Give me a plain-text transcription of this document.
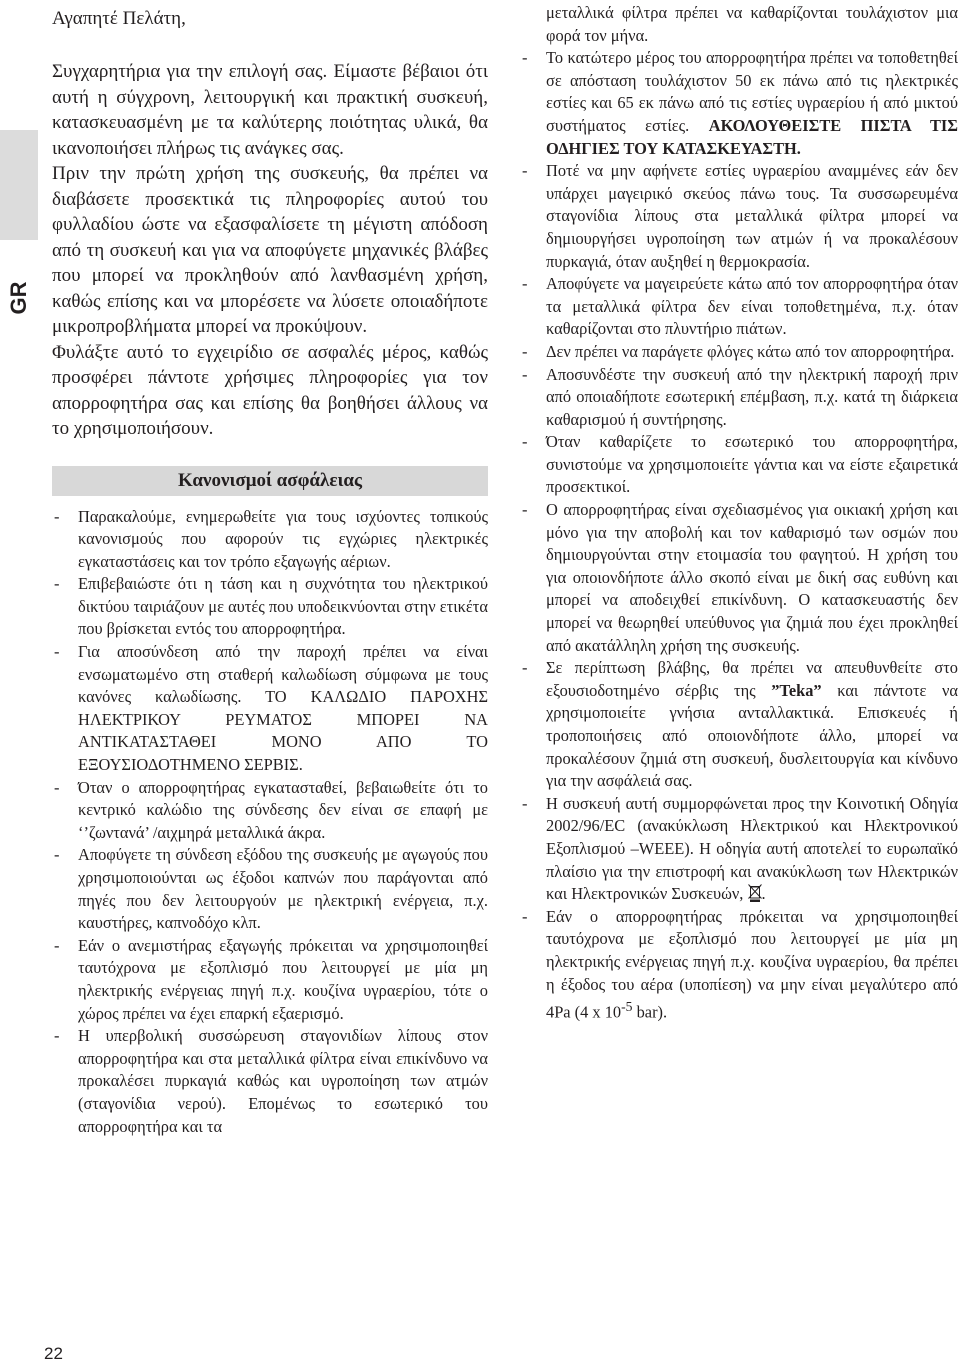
GR
Αγαπητέ Πελάτη,

Συγχαρητήρια για την επιλογή σας. Είμαστε βέβαιοι ότι αυτή η σύγχρονη, λειτουργική και πρακτική συσκευή, κατασκευασμένη με τα καλύτερης ποιότητας υλικά, θα ικανοποιήσει πλήρως τις ανάγκες σας.

Πριν την πρώτη χρήση της συσκευής, θα πρέπει να διαβάσετε προσεκτικά τις πληροφορίες αυτού του φυλλαδίου ώστε να εξασφαλίσετε τη μέγιστη απόδοση από τη συσκευή και για να αποφύγετε μηχανικές βλάβες που μπορεί να προκληθούν από λανθασμένη χρήση, καθώς επίσης και να μπορέσετε να λύσετε οποιαδήποτε μικροπροβλήματα μπορεί να προκύψουν.

Φυλάξτε αυτό το εγχειρίδιο σε ασφαλές μέρος, καθώς προσφέρει πάντοτε χρήσιμες πληροφορίες για τον απορροφητήρα σας και επίσης θα βοηθήσει άλλους να το χρησιμοποιήσουν.

Κανονισμοί ασφάλειας
- Παρακαλούμε, ενημερωθείτε για τους ισχύοντες τοπικούς κανονισμούς που αφορούν τις εγχώριες ηλεκτρικές εγκαταστάσεις και τον τρόπο εξαγωγής αέριων.
- Επιβεβαιώστε ότι η τάση και η συχνότητα του ηλεκτρικού δικτύου ταιριάζουν με αυτές που υποδεικνύονται στην ετικέτα που βρίσκεται εντός του απορροφητήρα.
- Για αποσύνδεση από την παροχή πρέπει να είναι ενσωματωμένο στη σταθερή καλωδίωση σύμφωνα με τους κανόνες καλωδίωσης. ΤΟ ΚΑΛΩΔΙΟ ΠΑΡΟΧΗΣ ΗΛΕΚΤΡΙΚΟΥ ΡΕΥΜΑΤΟΣ ΜΠΟΡΕΙ ΝΑ ΑΝΤΙΚΑΤΑΣΤΑΘΕΙ ΜΟΝΟ ΑΠΟ ΤΟ ΕΞΟΥΣΙΟΔΟΤΗΜΕΝΟ ΣΕΡΒΙΣ.
- Όταν ο απορροφητήρας εγκατασταθεί, βεβαιωθείτε ότι το κεντρικό καλώδιο της σύνδεσης δεν είναι σε επαφή με ‘’ζωντανά’ /αιχμηρά μεταλλικά άκρα.
- Αποφύγετε τη σύνδεση εξόδου της συσκευής με αγωγούς που χρησιμοποιούνται ως έξοδοι καπνών που παράγονται από πηγές που δεν λειτουργούν με ηλεκτρική ενέργεια, π.χ. καυστήρες, καπνοδόχο κλπ.
- Εάν ο ανεμιστήρας εξαγωγής πρόκειται να χρησιμοποιηθεί ταυτόχρονα με εξοπλισμό που λειτουργεί με μία μη ηλεκτρικής ενέργειας πηγή π.χ. κουζίνα υγραερίου, τότε ο χώρος πρέπει να έχει επαρκή εξαερισμό.
- Η υπερβολική συσσώρευση σταγονιδίων λίπους στον απορροφητήρα και στα μεταλλικά φίλτρα είναι επικίνδυνο να προκαλέσει πυρκαγιά καθώς και υγροποίηση των ατμών (σταγονίδια νερού). Επομένως το εσωτερικό του απορροφητήρα και τα

μεταλλικά φίλτρα πρέπει να καθαρίζονται τουλάχιστον μια φορά τον μήνα.

- Το κατώτερο μέρος του απορροφητήρα πρέπει να τοποθετηθεί σε απόσταση τουλάχιστον 50 εκ πάνω από τις ηλεκτρικές εστίες και 65 εκ πάνω από τις εστίες υγραερίου ή από μικτού συστήματος εστίες. ΑΚΟΛΟΥΘΕΙΣΤΕ ΠΙΣΤΑ ΤΙΣ ΟΔΗΓΙΕΣ ΤΟΥ ΚΑΤΑΣΚΕΥΑΣΤΗ.
- Ποτέ να μην αφήνετε εστίες υγραερίου αναμμένες εάν δεν υπάρχει μαγειρικό σκεύος πάνω τους. Τα συσσωρευμένα σταγονίδια λίπους στα μεταλλικά φίλτρα μπορεί να δημιουργήσει υγροποίηση των ατμών ή να προκαλέσουν πυρκαγιά, όταν αυξηθεί η θερμοκρασία.
- Αποφύγετε να μαγειρεύετε κάτω από τον απορροφητήρα όταν τα μεταλλικά φίλτρα δεν είναι τοποθετημένα, π.χ. όταν καθαρίζονται στο πλυντήριο πιάτων.
- Δεν πρέπει να παράγετε φλόγες κάτω από τον απορροφητήρα.
- Αποσυνδέστε την συσκευή από την ηλεκτρική παροχή πριν από οποιαδήποτε εσωτερική επέμβαση, π.χ. κατά τη διάρκεια καθαρισμού ή συντήρησης.
- Όταν καθαρίζετε το εσωτερικό του απορροφητήρα, συνιστούμε να χρησιμοποιείτε γάντια και να είστε εξαιρετικά προσεκτικοί.
- Ο απορροφητήρας είναι σχεδιασμένος για οικιακή χρήση και μόνο για την αποβολή και τον καθαρισμό των οσμών που δημιουργούνται στην ετοιμασία του φαγητού. Η χρήση του για οποιονδήποτε άλλο σκοπό είναι με δική σας ευθύνη και μπορεί να αποδειχθεί επικίνδυνη. Ο κατασκευαστής δεν μπορεί να θεωρηθεί υπεύθυνος για ζημιά που έχει προκληθεί από ακατάλληλη χρήση της συσκευής.
- Σε περίπτωση βλάβης, θα πρέπει να απευθυνθείτε στο εξουσιοδοτημένο σέρβις της ”Teka” και πάντοτε να χρησιμοποιείτε γνήσια ανταλλακτικά. Επισκευές ή τροποποιήσεις από οποιονδήποτε άλλο, μπορεί να προκαλέσουν ζημιά στη συσκευή, δυσλειτουργία και κίνδυνο για την ασφάλειά σας.
- Η συσκευή αυτή συμμορφώνεται προς την Κοινοτική Οδηγία 2002/96/EC (ανακύκλωση Ηλεκτρικού και Ηλεκτρονικού Εξοπλισμού –WEEE). Η οδηγία αυτή αποτελεί το ευρωπαϊκό πλαίσιο για την επιστροφή και ανακύκλωση των Ηλεκτρικών και Ηλεκτρονικών Συσκευών, .
- Εάν ο απορροφητήρας πρόκειται να χρησιμοποιηθεί ταυτόχρονα με εξοπλισμό που λειτουργεί με μία μη ηλεκτρικής ενέργειας πηγή π.χ. κουζίνα υγραερίου, θα πρέπει η έξοδος του αέρα (υποπίεση) να μην είναι μεγαλύτερο από 4Pa (4 x $10^{-5}$ bar).
22
